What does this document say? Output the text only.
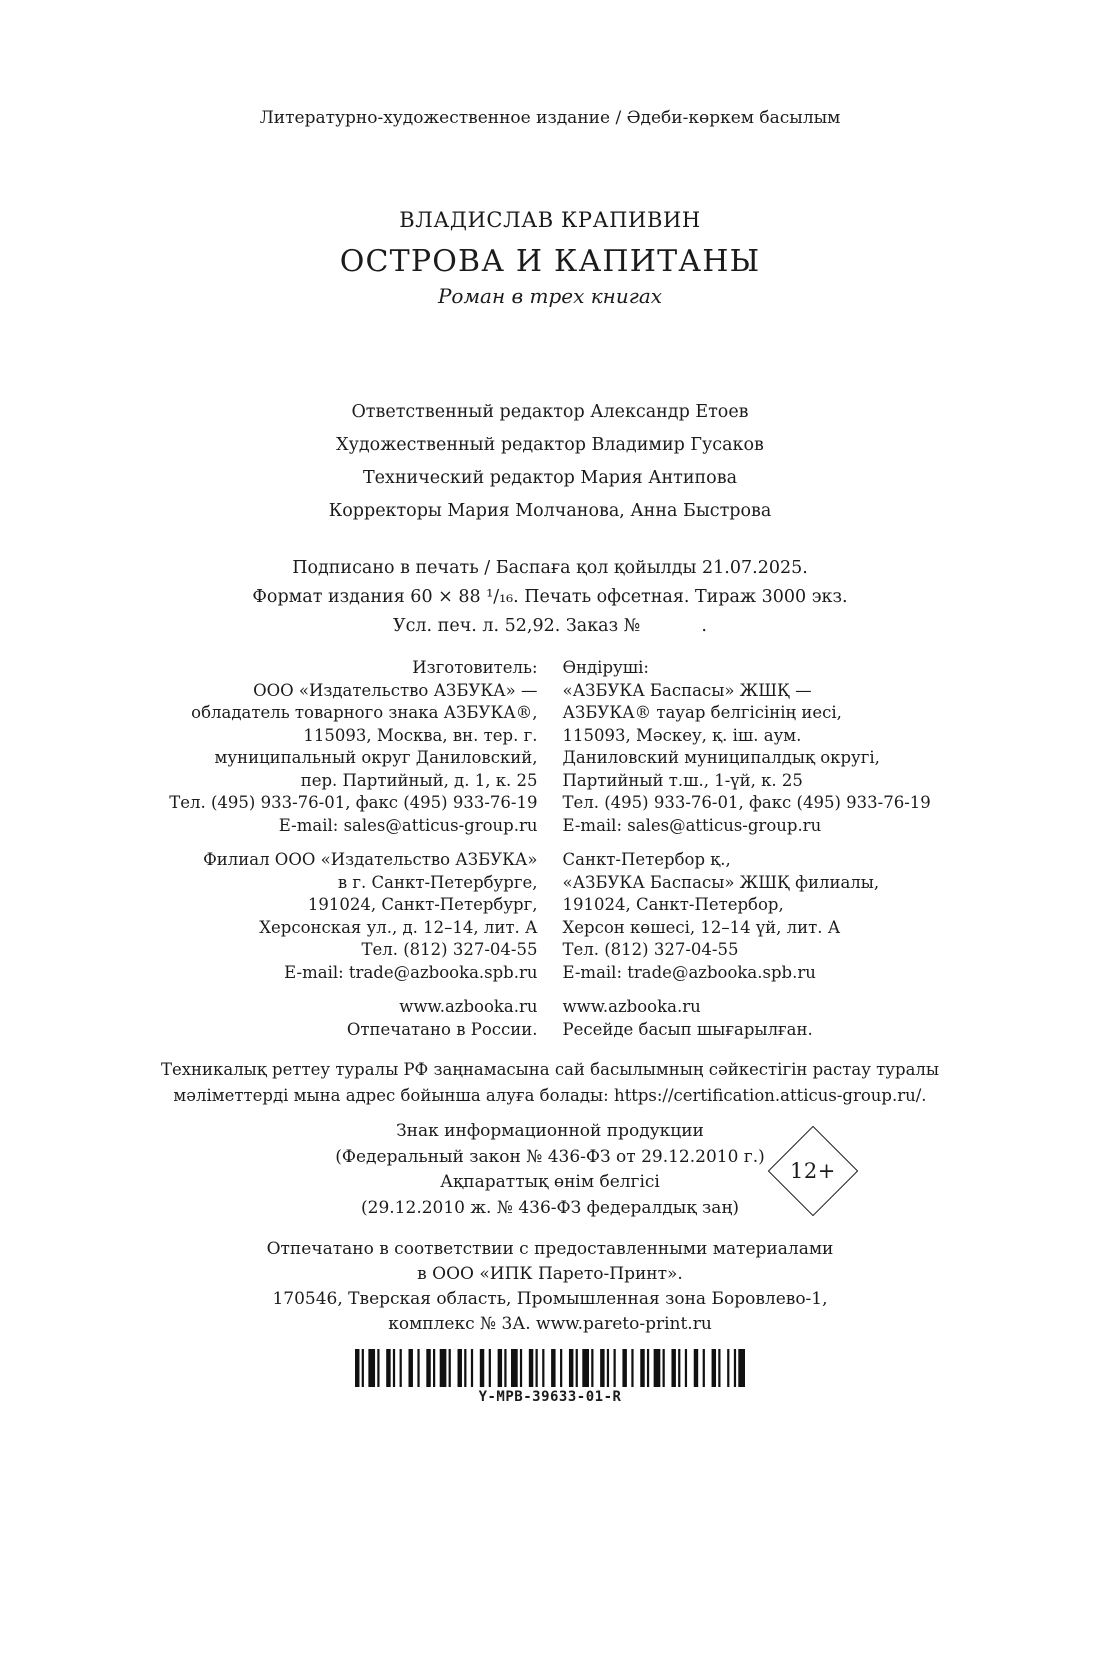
Литературно-художественное издание / Әдеби-көркем басылым

ВЛАДИСЛАВ КРАПИВИН

ОСТРОВА И КАПИТАНЫ

Роман в трех книгах

Ответственный редактор Александр Етоев

Художественный редактор Владимир Гусаков

Технический редактор Мария Антипова

Корректоры Мария Молчанова, Анна Быстрова

Подписано в печать / Баспаға қол қойылды 21.07.2025.

Формат издания 60 × 88 ¹/₁₆. Печать офсетная. Тираж 3000 экз.

Усл. печ. л. 52,92. Заказ №           .

Изготовитель:

ООО «Издательство АЗБУКА» —

обладатель товарного знака АЗБУКА®,

115093, Москва, вн. тер. г.

муниципальный округ Даниловский,

пер. Партийный, д. 1, к. 25

Тел. (495) 933-76-01, факс (495) 933-76-19

E-mail: sales@atticus-group.ru

Филиал ООО «Издательство АЗБУКА»

в г. Санкт-Петербурге,

191024, Санкт-Петербург,

Херсонская ул., д. 12–14, лит. А

Тел. (812) 327-04-55

E-mail: trade@azbooka.spb.ru

www.azbooka.ru

Отпечатано в России.

Өндіруші:

«АЗБУКА Баспасы» ЖШҚ —

АЗБУКА® тауар белгісінің иесі,

115093, Мәскеу, қ. іш. аум.

Даниловский муниципалдық округі,

Партийный т.ш., 1-үй, к. 25

Тел. (495) 933-76-01, факс (495) 933-76-19

E-mail: sales@atticus-group.ru

Санкт-Петербор қ.,

«АЗБУКА Баспасы» ЖШҚ филиалы,

191024, Санкт-Петербор,

Херсон көшесі, 12–14 үй, лит. А

Тел. (812) 327-04-55

E-mail: trade@azbooka.spb.ru

www.azbooka.ru

Ресейде басып шығарылған.

Техникалық реттеу туралы РФ заңнамасына сай басылымның сәйкестігін растау туралы

мәліметтерді мына адрес бойынша алуға болады: https://certification.atticus-group.ru/.

Знак информационной продукции

(Федеральный закон № 436-ФЗ от 29.12.2010 г.)

Ақпараттық өнім белгісі

(29.12.2010 ж. № 436-ФЗ федералдық заң)

12+

Отпечатано в соответствии с предоставленными материалами

в ООО «ИПК Парето-Принт».

170546, Тверская область, Промышленная зона Боровлево-1,

комплекс № 3А. www.pareto-print.ru

Y-MPB-39633-01-R
